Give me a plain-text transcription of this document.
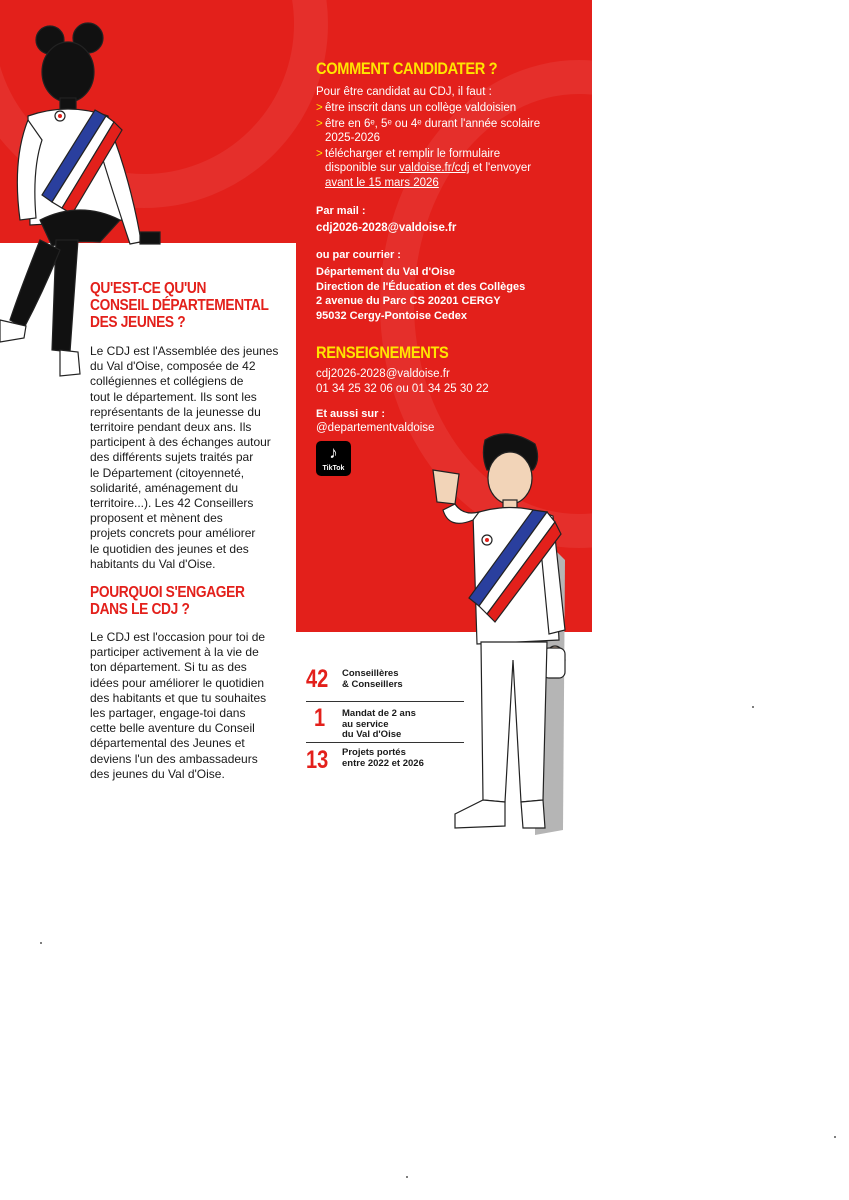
QU'EST-CE QU'UN
CONSEIL DÉPARTEMENTAL
DES JEUNES ?

Le CDJ est l'Assemblée des jeunes
du Val d'Oise, composée de 42
collégiennes et collégiens de
tout le département. Ils sont les
représentants de la jeunesse du
territoire pendant deux ans. Ils
participent à des échanges autour
des différents sujets traités par
le Département (citoyenneté,
solidarité, aménagement du
territoire...). Les 42 Conseillers
proposent et mènent des
projets concrets pour améliorer
le quotidien des jeunes et des
habitants du Val d'Oise.

POURQUOI S'ENGAGER
DANS LE CDJ ?

Le CDJ est l'occasion pour toi de
participer activement à la vie de
ton département. Si tu as des
idées pour améliorer le quotidien
des habitants et que tu souhaites
les partager, engage-toi dans
cette belle aventure du Conseil
départemental des Jeunes et
deviens l'un des ambassadeurs
des jeunes du Val d'Oise.

COMMENT CANDIDATER ?

Pour être candidat au CDJ, il faut :

> être inscrit dans un collège valdoisien
> être en 6ᵉ, 5ᵉ ou 4ᵉ durant l'année scolaire
2025-2026
> télécharger et remplir le formulaire
disponible sur valdoise.fr/cdj et l'envoyer
avant le 15 mars 2026

Par mail :

cdj2026-2028@valdoise.fr

ou par courrier :

Département du Val d'Oise
Direction de l'Éducation et des Collèges
2 avenue du Parc CS 20201 CERGY
95032 Cergy-Pontoise Cedex

RENSEIGNEMENTS

cdj2026-2028@valdoise.fr

01 34 25 32 06 ou 01 34 25 30 22

Et aussi sur :

@departementvaldoise

♪
TikTok
42 Conseillères
& Conseillers
1 Mandat de 2 ans
au service
du Val d'Oise
13 Projets portés
entre 2022 et 2026
